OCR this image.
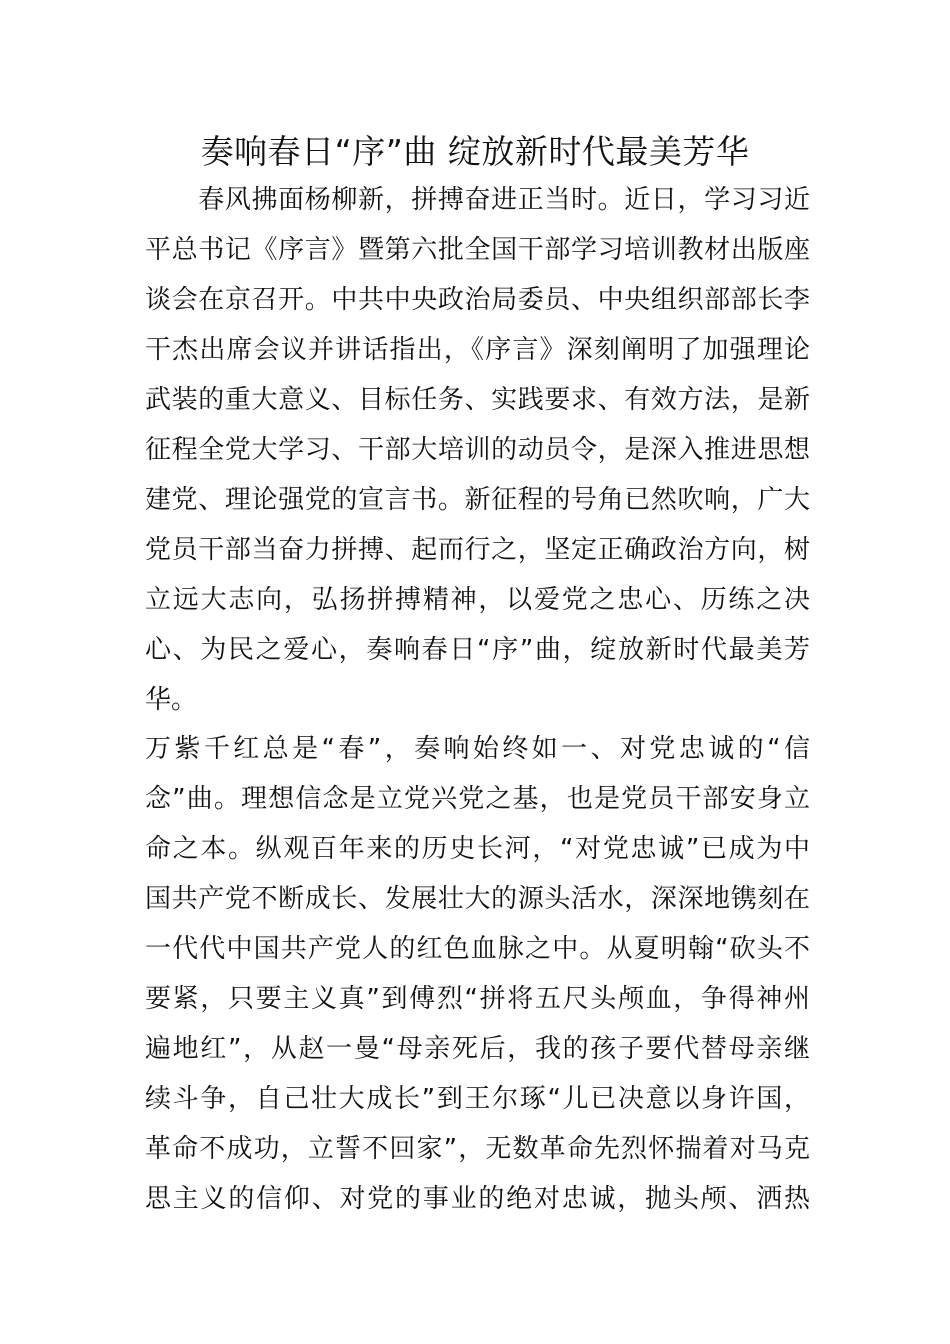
奏响春日“序”曲 绽放新时代最美芳华
　　春风拂面杨柳新，拼搏奋进正当时。近日，学习习近
平总书记《序言》暨第六批全国干部学习培训教材出版座
谈会在京召开。中共中央政治局委员、中央组织部部长李
干杰出席会议并讲话指出，《序言》深刻阐明了加强理论
武装的重大意义、目标任务、实践要求、有效方法，是新
征程全党大学习、干部大培训的动员令，是深入推进思想
建党、理论强党的宣言书。新征程的号角已然吹响，广大
党员干部当奋力拼搏、起而行之，坚定正确政治方向，树
立远大志向，弘扬拼搏精神，以爱党之忠心、历练之决
心、为民之爱心，奏响春日“序”曲，绽放新时代最美芳
华。
万紫千红总是“春”，奏响始终如一、对党忠诚的“信
念”曲。理想信念是立党兴党之基，也是党员干部安身立
命之本。纵观百年来的历史长河，“对党忠诚”已成为中
国共产党不断成长、发展壮大的源头活水，深深地镌刻在
一代代中国共产党人的红色血脉之中。从夏明翰“砍头不
要紧，只要主义真”到傅烈“拼将五尺头颅血，争得神州
遍地红”，从赵一曼“母亲死后，我的孩子要代替母亲继
续斗争，自己壮大成长”到王尔琢“儿已决意以身许国，
革命不成功，立誓不回家”，无数革命先烈怀揣着对马克
思主义的信仰、对党的事业的绝对忠诚，抛头颅、洒热
